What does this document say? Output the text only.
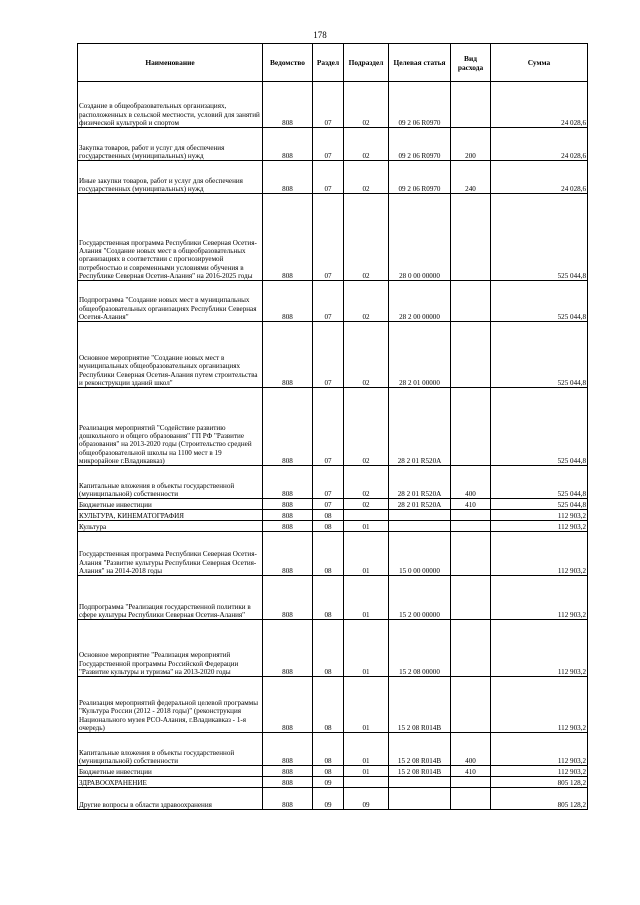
178
Наименование	Ведомство	Раздел	Подраздел	Целевая статья	Вид расхода	Сумма
Создание в общеобразовательных организациях, расположенных в сельской местности, условий для занятий физической культурой и спортом	808	07	02	09 2 06 R0970		24 028,6
Закупка товаров, работ и услуг для обеспечения государственных (муниципальных) нужд	808	07	02	09 2 06 R0970	200	24 028,6
Иные закупки товаров, работ и услуг для обеспечения государственных (муниципальных) нужд	808	07	02	09 2 06 R0970	240	24 028,6
Государственная программа Республики Северная Осетия-Алания "Создание новых мест в общеобразовательных организациях в соответствии с прогнозируемой потребностью и современными условиями обучения в Республике Северная Осетия-Алания" на 2016-2025 годы	808	07	02	28 0 00 00000		525 044,8
Подпрограмма "Создание новых мест в муниципальных общеобразовательных организациях Республики Северная Осетия-Алания"	808	07	02	28 2 00 00000		525 044,8
Основное мероприятие "Создание новых мест в муниципальных общеобразовательных организациях Республики Северная Осетия-Алания путем строительства и реконструкции зданий школ"	808	07	02	28 2 01 00000		525 044,8
Реализация мероприятий "Содействие развитию дошкольного и общего образования" ГП РФ "Развитие образования" на 2013-2020 годы (Строительство средней общеобразовательной школы на 1100 мест в 19 микрорайоне г.Владикавказ)	808	07	02	28 2 01 R520A		525 044,8
Капитальные вложения в объекты государственной (муниципальной) собственности	808	07	02	28 2 01 R520A	400	525 044,8
Бюджетные инвестиции	808	07	02	28 2 01 R520A	410	525 044,8
КУЛЬТУРА, КИНЕМАТОГРАФИЯ	808	08				112 903,2
Культура	808	08	01			112 903,2
Государственная программа Республики Северная Осетия-Алания "Развитие культуры Республики Северная Осетия-Алания" на 2014-2018 годы	808	08	01	15 0 00 00000		112 903,2
Подпрограмма "Реализация государственной политики в сфере культуры Республики Северная Осетия-Алания"	808	08	01	15 2 00 00000		112 903,2
Основное мероприятие "Реализация мероприятий Государственной программы Российской Федерации "Развитие культуры и туризма" на 2013-2020 годы	808	08	01	15 2 08 00000		112 903,2
Реализация мероприятий федеральной целевой программы "Культура России (2012 - 2018 годы)" (реконструкция Национального музея РСО-Алания, г.Владикавказ - 1-я очередь)	808	08	01	15 2 08 R014B		112 903,2
Капитальные вложения в объекты государственной (муниципальной) собственности	808	08	01	15 2 08 R014B	400	112 903,2
Бюджетные инвестиции	808	08	01	15 2 08 R014B	410	112 903,2
ЗДРАВООХРАНЕНИЕ	808	09				805 128,2
Другие вопросы в области здравоохранения	808	09	09			805 128,2
